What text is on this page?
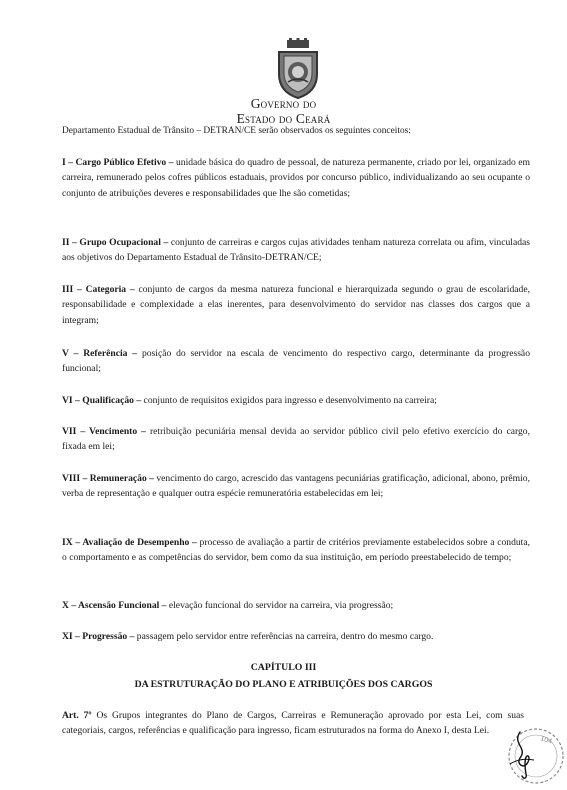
Governo do
Estado do Ceará
Departamento Estadual de Trânsito – DETRAN/CE serão observados os seguintes conceitos:
I – Cargo Público Efetivo – unidade básica do quadro de pessoal, de natureza permanente, criado por lei, organizado em carreira, remunerado pelos cofres públicos estaduais, providos por concurso público, individualizando ao seu ocupante o conjunto de atribuições deveres e responsabilidades que lhe são cometidas;
II – Grupo Ocupacional – conjunto de carreiras e cargos cujas atividades tenham natureza correlata ou afim, vinculadas aos objetivos do Departamento Estadual de Trânsito-DETRAN/CE;
III – Categoria – conjunto de cargos da mesma natureza funcional e hierarquizada segundo o grau de escolaridade, responsabilidade e complexidade a elas inerentes, para desenvolvimento do servidor nas classes dos cargos que a integram;
V – Referência – posição do servidor na escala de vencimento do respectivo cargo, determinante da progressão funcional;
VI – Qualificação – conjunto de requisitos exigidos para ingresso e desenvolvimento na carreira;
VII – Vencimento – retribuição pecuniária mensal devida ao servidor público civil pelo efetivo exercício do cargo, fixada em lei;
VIII – Remuneração – vencimento do cargo, acrescido das vantagens pecuniárias gratificação, adicional, abono, prêmio, verba de representação e qualquer outra espécie remuneratória estabelecidas em lei;
IX – Avaliação de Desempenho – processo de avaliação a partir de critérios previamente estabelecidos sobre a conduta, o comportamento e as competências do servidor, bem como da sua instituição, em período preestabelecido de tempo;
X – Ascensão Funcional – elevação funcional do servidor na carreira, via progressão;
XI – Progressão – passagem pelo servidor entre referências na carreira, dentro do mesmo cargo.
CAPÍTULO III
DA ESTRUTURAÇÃO DO PLANO E ATRIBUIÇÕES DOS CARGOS
Art. 7º Os Grupos integrantes do Plano de Cargos, Carreiras e Remuneração aprovado por esta Lei, com suas categoriais, cargos, referências e qualificação para ingresso, ficam estruturados na forma do Anexo I, desta Lei.
104
